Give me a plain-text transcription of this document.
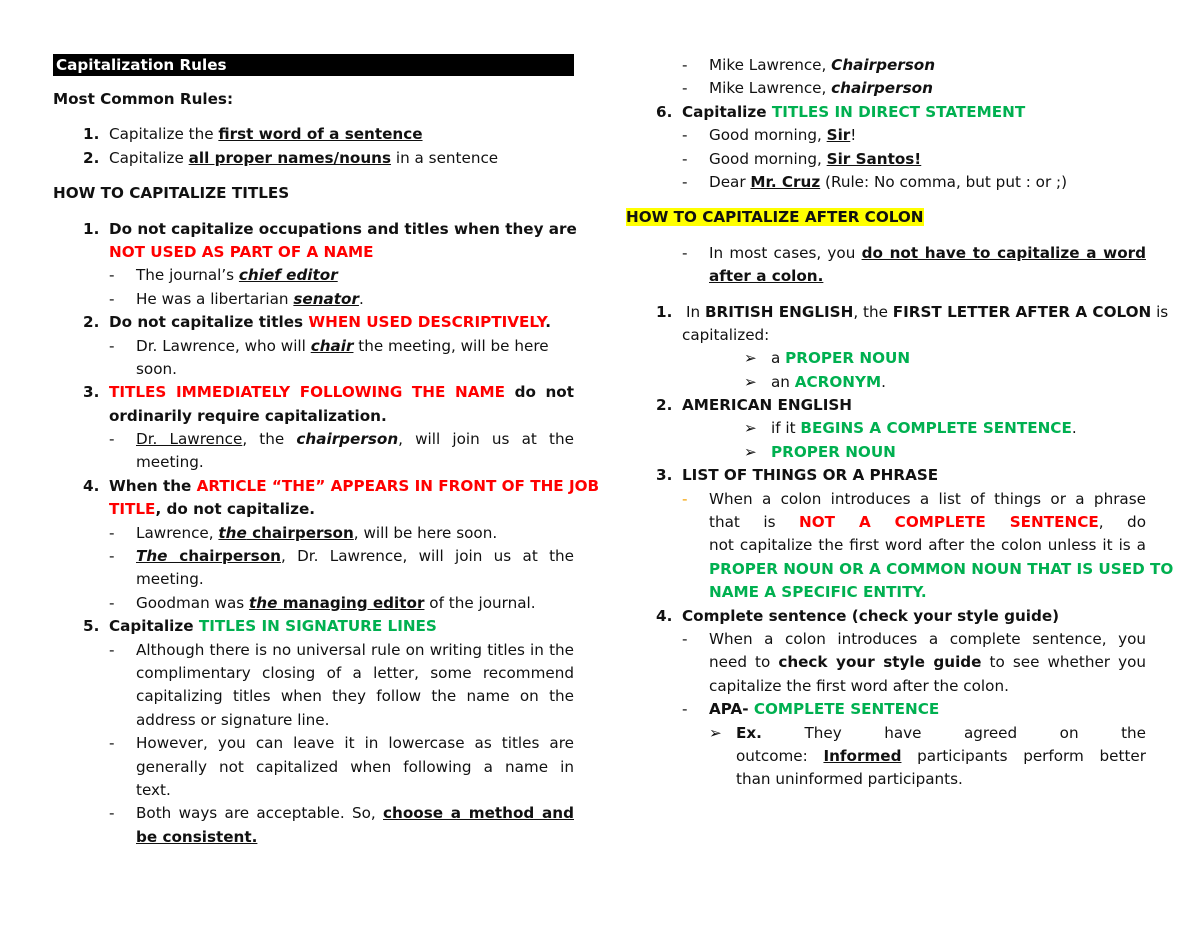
Capitalization Rules
Most Common Rules:
1. Capitalize the first word of a sentence
2. Capitalize all proper names/nouns in a sentence
HOW TO CAPITALIZE TITLES
1. Do not capitalize occupations and titles when they are
NOT USED AS PART OF A NAME
- The journal’s chief editor
- He was a libertarian senator.
2. Do not capitalize titles WHEN USED DESCRIPTIVELY.
- Dr. Lawrence, who will chair the meeting, will be here
soon.
3. TITLES IMMEDIATELY FOLLOWING THE NAME do not
ordinarily require capitalization.
- Dr. Lawrence, the chairperson, will join us at the
meeting.
4. When the ARTICLE “THE” APPEARS IN FRONT OF THE JOB
TITLE, do not capitalize.
- Lawrence, the chairperson, will be here soon.
- The chairperson, Dr. Lawrence, will join us at the
meeting.
- Goodman was the managing editor of the journal.
5. Capitalize TITLES IN SIGNATURE LINES
- Although there is no universal rule on writing titles in the
complimentary closing of a letter, some recommend
capitalizing titles when they follow the name on the
address or signature line.
- However, you can leave it in lowercase as titles are
generally not capitalized when following a name in
text.
- Both ways are acceptable. So, choose a method and
be consistent.
- Mike Lawrence, Chairperson
- Mike Lawrence, chairperson
6. Capitalize TITLES IN DIRECT STATEMENT
- Good morning, Sir!
- Good morning, Sir Santos!
- Dear Mr. Cruz (Rule: No comma, but put : or ;)
HOW TO CAPITALIZE AFTER COLON
- In most cases, you do not have to capitalize a word
after a colon.
1. In BRITISH ENGLISH, the FIRST LETTER AFTER A COLON is
capitalized:
➢ a PROPER NOUN
➢ an ACRONYM.
2. AMERICAN ENGLISH
➢ if it BEGINS A COMPLETE SENTENCE.
➢ PROPER NOUN
3. LIST OF THINGS OR A PHRASE
- When a colon introduces a list of things or a phrase
that is NOT A COMPLETE SENTENCE, do
not capitalize the first word after the colon unless it is a
PROPER NOUN OR A COMMON NOUN THAT IS USED TO
NAME A SPECIFIC ENTITY.
4. Complete sentence (check your style guide)
- When a colon introduces a complete sentence, you
need to check your style guide to see whether you
capitalize the first word after the colon.
- APA- COMPLETE SENTENCE
➢ Ex. They have agreed on the
outcome: Informed participants perform better
than uninformed participants.
